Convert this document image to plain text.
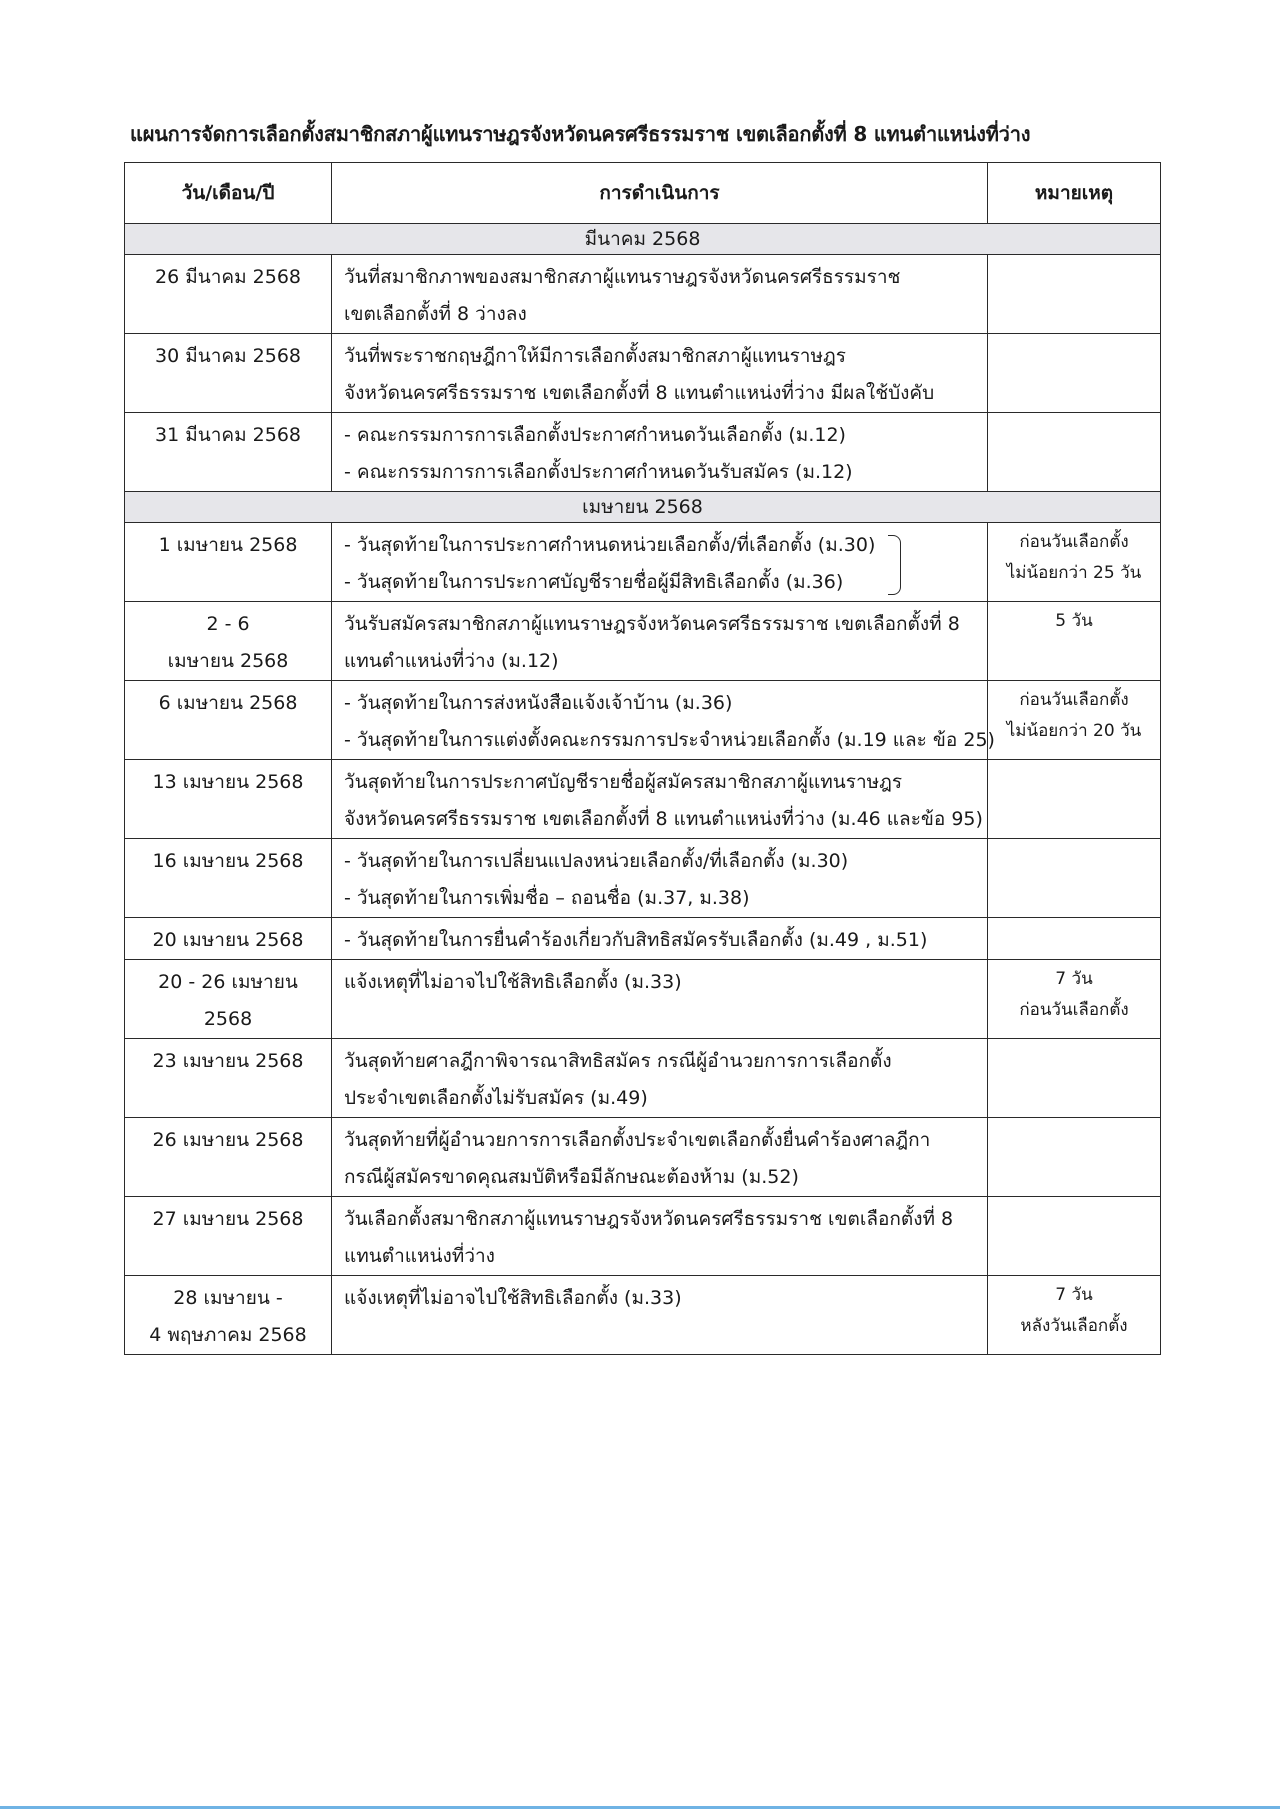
แผนการจัดการเลือกตั้งสมาชิกสภาผู้แทนราษฎรจังหวัดนครศรีธรรมราช เขตเลือกตั้งที่ 8 แทนตำแหน่งที่ว่าง
วัน/เดือน/ปี	การดำเนินการ	หมายเหตุ
มีนาคม 2568		

26 มีนาคม 2568	วันที่สมาชิกภาพของสมาชิกสภาผู้แทนราษฎรจังหวัดนครศรีธรรมราช
เขตเลือกตั้งที่ 8 ว่างลง	

30 มีนาคม 2568	วันที่พระราชกฤษฎีกาให้มีการเลือกตั้งสมาชิกสภาผู้แทนราษฎร
จังหวัดนครศรีธรรมราช เขตเลือกตั้งที่ 8 แทนตำแหน่งที่ว่าง มีผลใช้บังคับ	

31 มีนาคม 2568	- คณะกรรมการการเลือกตั้งประกาศกำหนดวันเลือกตั้ง (ม.12)
- คณะกรรมการการเลือกตั้งประกาศกำหนดวันรับสมัคร (ม.12)	

เมษายน 2568		

1 เมษายน 2568	- วันสุดท้ายในการประกาศกำหนดหน่วยเลือกตั้ง/ที่เลือกตั้ง (ม.30)
- วันสุดท้ายในการประกาศบัญชีรายชื่อผู้มีสิทธิเลือกตั้ง (ม.36)	ก่อนวันเลือกตั้ง
ไม่น้อยกว่า 25 วัน

2 - 6
เมษายน 2568	วันรับสมัครสมาชิกสภาผู้แทนราษฎรจังหวัดนครศรีธรรมราช เขตเลือกตั้งที่ 8
แทนตำแหน่งที่ว่าง (ม.12)	5 วัน

6 เมษายน 2568	- วันสุดท้ายในการส่งหนังสือแจ้งเจ้าบ้าน (ม.36)
- วันสุดท้ายในการแต่งตั้งคณะกรรมการประจำหน่วยเลือกตั้ง (ม.19 และ ข้อ 25)	ก่อนวันเลือกตั้ง
ไม่น้อยกว่า 20 วัน

13 เมษายน 2568	วันสุดท้ายในการประกาศบัญชีรายชื่อผู้สมัครสมาชิกสภาผู้แทนราษฎร
จังหวัดนครศรีธรรมราช เขตเลือกตั้งที่ 8 แทนตำแหน่งที่ว่าง (ม.46 และข้อ 95)	

16 เมษายน 2568	- วันสุดท้ายในการเปลี่ยนแปลงหน่วยเลือกตั้ง/ที่เลือกตั้ง (ม.30)
- วันสุดท้ายในการเพิ่มชื่อ – ถอนชื่อ (ม.37, ม.38)	

20 เมษายน 2568	- วันสุดท้ายในการยื่นคำร้องเกี่ยวกับสิทธิสมัครรับเลือกตั้ง (ม.49 , ม.51)	

20 - 26 เมษายน
2568	แจ้งเหตุที่ไม่อาจไปใช้สิทธิเลือกตั้ง (ม.33)	7 วัน
ก่อนวันเลือกตั้ง

23 เมษายน 2568	วันสุดท้ายศาลฎีกาพิจารณาสิทธิสมัคร กรณีผู้อำนวยการการเลือกตั้ง
ประจำเขตเลือกตั้งไม่รับสมัคร (ม.49)	

26 เมษายน 2568	วันสุดท้ายที่ผู้อำนวยการการเลือกตั้งประจำเขตเลือกตั้งยื่นคำร้องศาลฎีกา
กรณีผู้สมัครขาดคุณสมบัติหรือมีลักษณะต้องห้าม (ม.52)	

27 เมษายน 2568	วันเลือกตั้งสมาชิกสภาผู้แทนราษฎรจังหวัดนครศรีธรรมราช เขตเลือกตั้งที่ 8
แทนตำแหน่งที่ว่าง	

28 เมษายน -
4 พฤษภาคม 2568	แจ้งเหตุที่ไม่อาจไปใช้สิทธิเลือกตั้ง (ม.33)	7 วัน
หลังวันเลือกตั้ง
